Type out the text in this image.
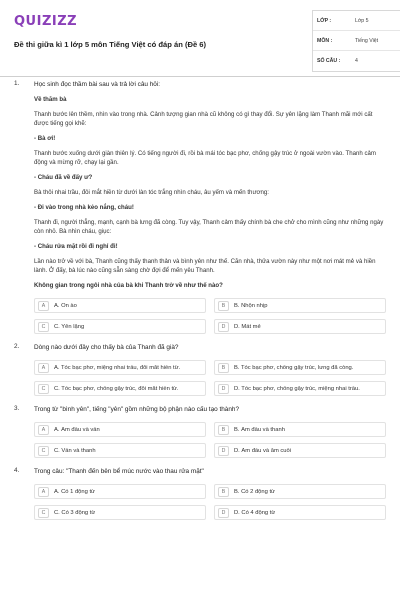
QUIZIZZ
Đề thi giữa kì 1 lớp 5 môn Tiếng Việt có đáp án (Đề 6)
LỚP :	Lớp 5
MÔN :	Tiếng Việt
SỐ CÂU :	4
1. Học sinh đọc thầm bài sau và trả lời câu hỏi:

Về thăm bà

Thanh bước lên thềm, nhìn vào trong nhà. Cảnh tượng gian nhà cũ không có gì thay đổi. Sự yên lặng làm Thanh mãi mới cất được tiếng gọi khẽ:

- Bà ơi!

Thanh bước xuống dưới giàn thiên lý. Có tiếng người đi, rồi bà mái tóc bạc phơ, chống gậy trúc ở ngoài vườn vào. Thanh cảm động và mừng rỡ, chạy lại gần.

- Cháu đã về đấy ư?

Bà thôi nhai trầu, đôi mắt hiền từ dưới làn tóc trắng nhìn cháu, âu yếm và mến thương:

- Đi vào trong nhà kẻo nắng, cháu!

Thanh đi, người thẳng, mạnh, cạnh bà lưng đã còng. Tuy vậy, Thanh cảm thấy chính bà che chở cho mình cũng như những ngày còn nhỏ. Bà nhìn cháu, giục:

- Cháu rửa mặt rồi đi nghỉ đi!

Lần nào trở về với bà, Thanh cũng thấy thanh thản và bình yên như thế. Căn nhà, thửa vườn này như một nơi mát mẻ và hiền lành. Ở đấy, bà lúc nào cũng sẵn sàng chờ đợi để mến yêu Thanh.

Không gian trong ngôi nhà của bà khi Thanh trở về như thế nào?

A	A. Ồn ào	B	B. Nhộn nhịp
C	C. Yên lặng	D	D. Mát mẻ
2. Dòng nào dưới đây cho thấy bà của Thanh đã già?
A	A. Tóc bạc phơ, miệng nhai trầu, đôi mắt hiền từ.	B	B. Tóc bạc phơ, chống gậy trúc, lưng đã còng.
C	C. Tóc bạc phơ, chống gậy trúc, đôi mắt hiền từ.	D	D. Tóc bạc phơ, chống gậy trúc, miệng nhai trầu.
3. Trong từ "bình yên", tiếng "yên" gồm những bộ phận nào cấu tạo thành?
A	A. Âm đầu và vần	B	B. Âm đầu và thanh
C	C. Vần và thanh	D	D. Âm đầu và âm cuối
4. Trong câu: "Thanh đến bên bể múc nước vào thau rửa mặt"
A	A. Có 1 động từ	B	B. Có 2 động từ
C	C. Có 3 động từ	D	D. Có 4 động từ
